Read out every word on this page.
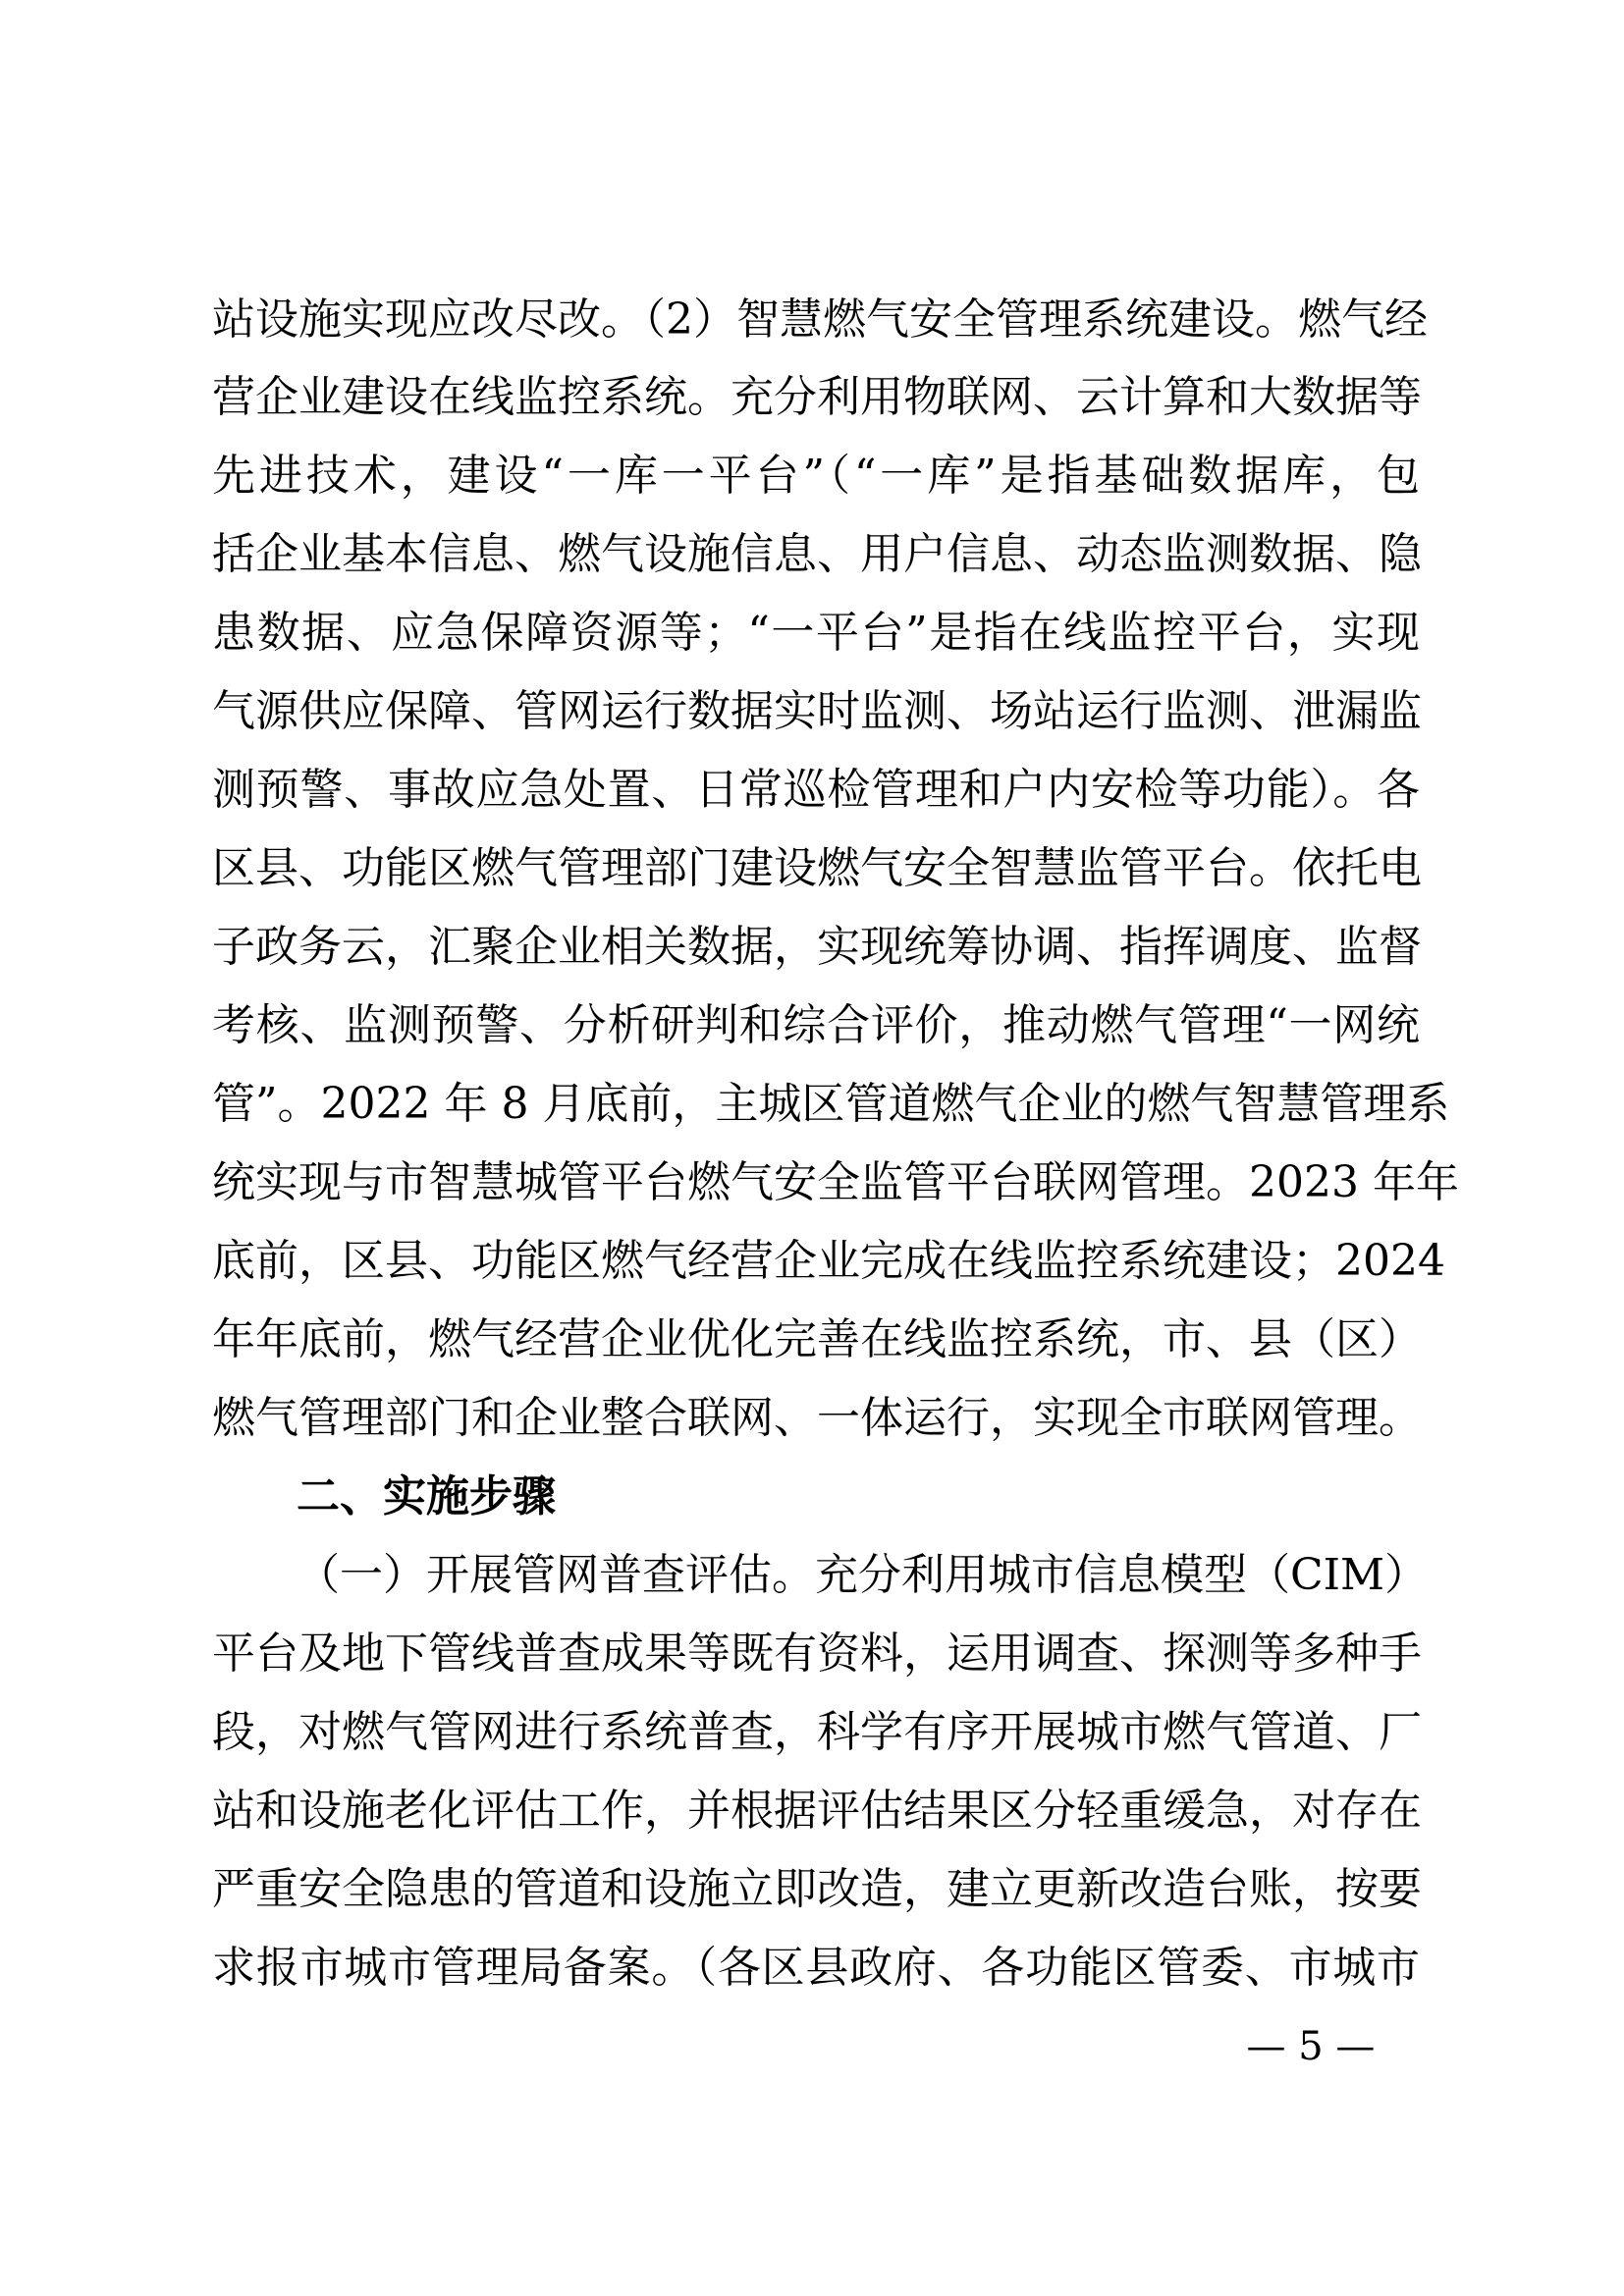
站设施实现应改尽改。（2）智慧燃气安全管理系统建设。燃气经
营企业建设在线监控系统。充分利用物联网、云计算和大数据等
先进技术，建设“一库一平台”（“一库”是指基础数据库，包
括企业基本信息、燃气设施信息、用户信息、动态监测数据、隐
患数据、应急保障资源等；“一平台”是指在线监控平台，实现
气源供应保障、管网运行数据实时监测、场站运行监测、泄漏监
测预警、事故应急处置、日常巡检管理和户内安检等功能）。各
区县、功能区燃气管理部门建设燃气安全智慧监管平台。依托电
子政务云，汇聚企业相关数据，实现统筹协调、指挥调度、监督
考核、监测预警、分析研判和综合评价，推动燃气管理“一网统
管”。2022 年 8 月底前，主城区管道燃气企业的燃气智慧管理系
统实现与市智慧城管平台燃气安全监管平台联网管理。2023 年年
底前，区县、功能区燃气经营企业完成在线监控系统建设；2024
年年底前，燃气经营企业优化完善在线监控系统，市、县（区）
燃气管理部门和企业整合联网、一体运行，实现全市联网管理。
二、实施步骤
（一）开展管网普查评估。充分利用城市信息模型（CIM）
平台及地下管线普查成果等既有资料，运用调查、探测等多种手
段，对燃气管网进行系统普查，科学有序开展城市燃气管道、厂
站和设施老化评估工作，并根据评估结果区分轻重缓急，对存在
严重安全隐患的管道和设施立即改造，建立更新改造台账，按要
求报市城市管理局备案。（各区县政府、各功能区管委、市城市
— 5 —
